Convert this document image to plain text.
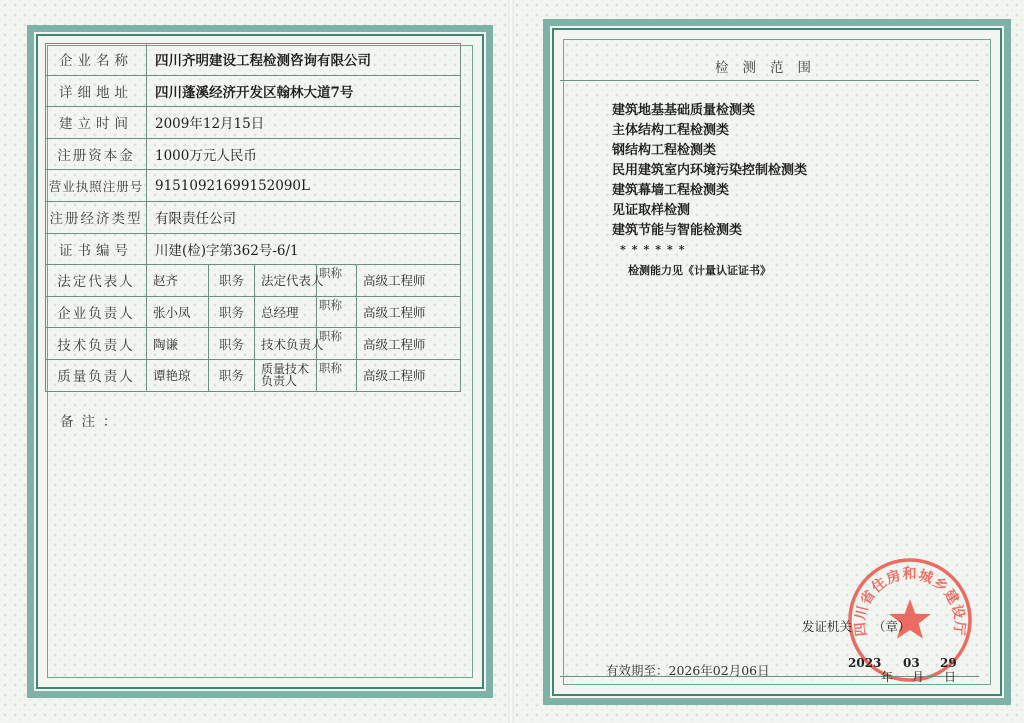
企业名称	四川齐明建设工程检测咨询有限公司				
详细地址	四川蓬溪经济开发区翰林大道7号				
建立时间	2009年12月15日				
注册资本金	1000万元人民币				
营业执照注册号	91510921699152090L				
注册经济类型	有限责任公司				
证书编号	川建(检)字第362号-6/1				
法定代表人	赵齐	职务	法定代表人	职称	高级工程师
企业负责人	张小凤	职务	总经理	职称	高级工程师
技术负责人	陶谦	职务	技术负责人	职称	高级工程师
质量负责人	谭艳琼	职务	质量技术负责人	职称	高级工程师
备注：
检测范围
建筑地基基础质量检测类
主体结构工程检测类
钢结构工程检测类
民用建筑室内环境污染控制检测类
建筑幕墙工程检测类
见证取样检测
建筑节能与智能检测类
******
检测能力见《计量认证证书》
四川省住房和城乡建设厅
发证机关 （章）
有效期至：2026年02月06日	2023 03 29
年 月 日
